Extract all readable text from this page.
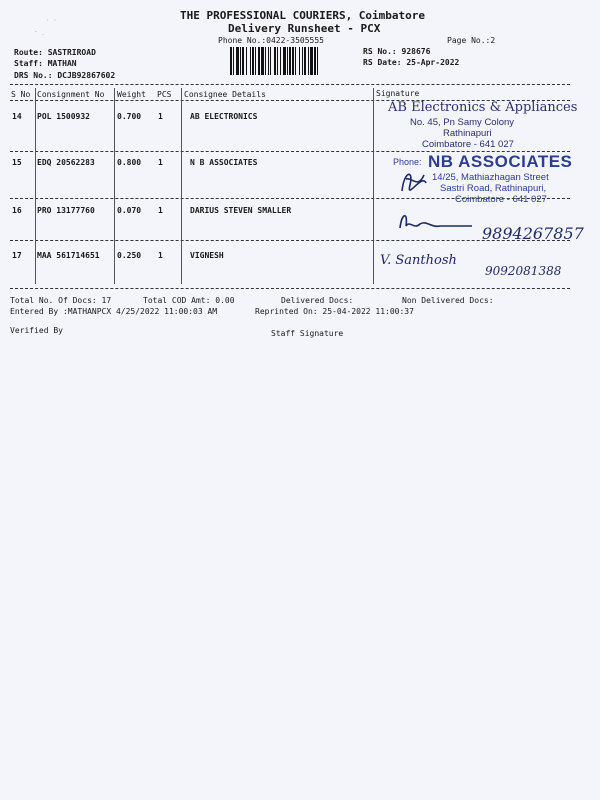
THE PROFESSIONAL COURIERS, Coimbatore
Delivery Runsheet - PCX
Phone No.:0422-3505555	Page No.:2
Route: SASTRIROAD
Staff: MATHAN
DRS No.: DCJB92867602
RS No.: 928676
RS Date: 25-Apr-2022
· ·
˜ -
S No Consignment No Weight PCS Consignee Details	Signature
14 POL 1500932	0.700 1	AB ELECTRONICS
15 EDQ 20562283	0.800 1	N B ASSOCIATES
16 PRO 13177760	0.070 1	DARIUS STEVEN SMALLER
17 MAA 561714651 0.250 1	VIGNESH
AB Electronics & Appliances
No. 45, Pn Samy Colony
Rathinapuri
Coimbatore - 641 027
Phone: NB ASSOCIATES
14/25, Mathiazhagan Street
Sastri Road, Rathinapuri,
Coimbatore - 641 027
9894267857
V. Santhosh
9092081388
Total No. Of Docs: 17	Total COD Amt: 0.00	Delivered Docs:	Non Delivered Docs:
Entered By :MATHANPCX 4/25/2022 11:00:03 AM	Reprinted On: 25-04-2022 11:00:37
Verified By	Staff Signature
